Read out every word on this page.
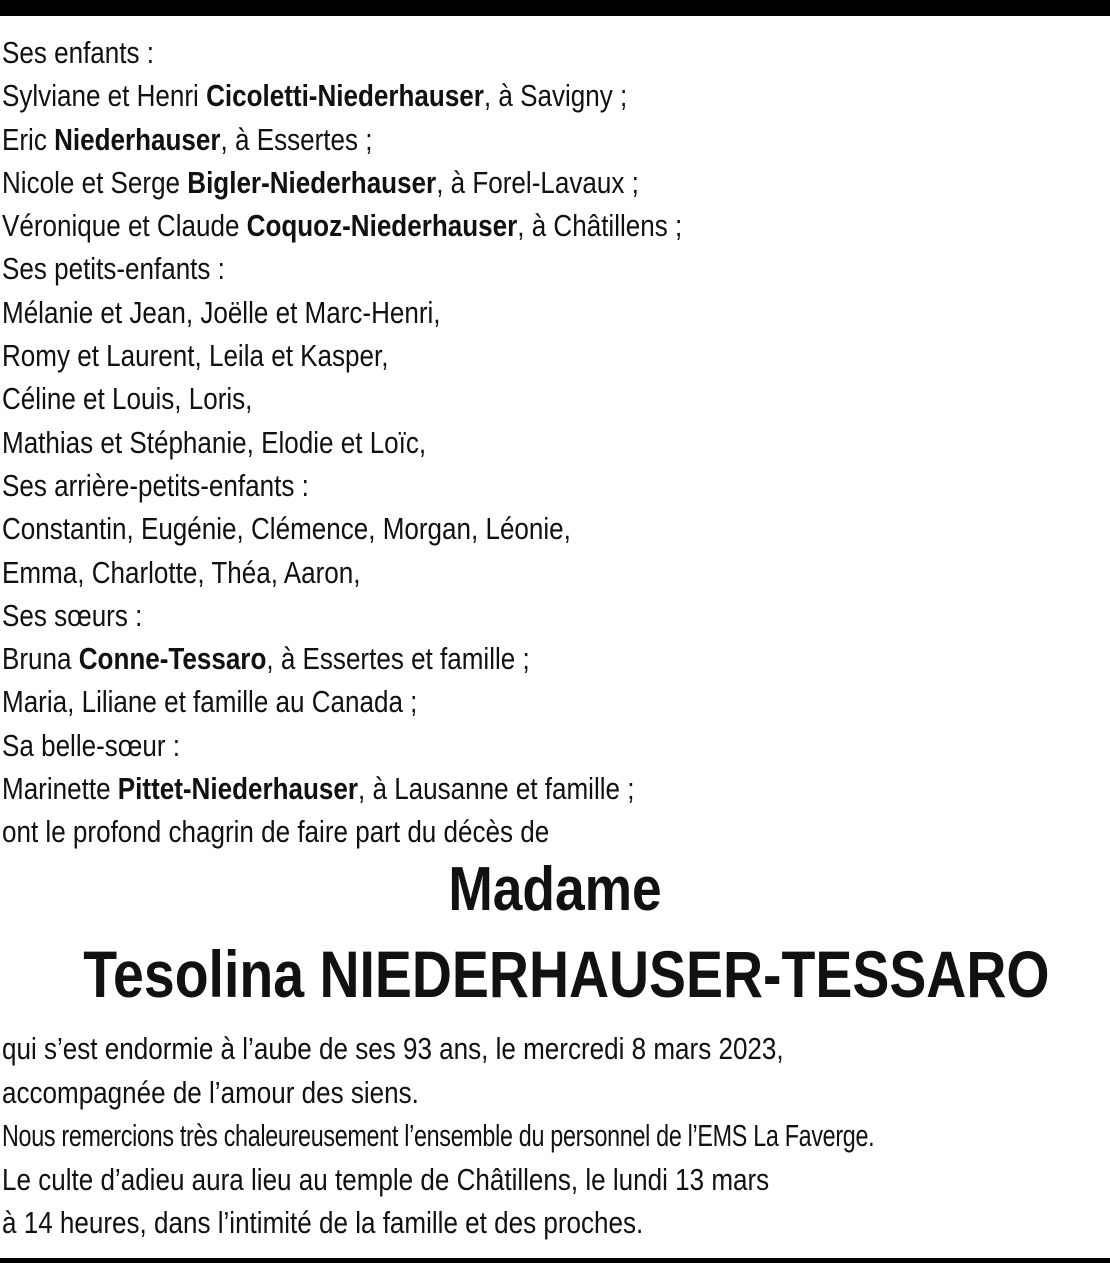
Ses enfants :
Sylviane et Henri Cicoletti-Niederhauser, à Savigny ;
Eric Niederhauser, à Essertes ;
Nicole et Serge Bigler-Niederhauser, à Forel-Lavaux ;
Véronique et Claude Coquoz-Niederhauser, à Châtillens ;
Ses petits-enfants :
Mélanie et Jean, Joëlle et Marc-Henri,
Romy et Laurent, Leila et Kasper,
Céline et Louis, Loris,
Mathias et Stéphanie, Elodie et Loïc,
Ses arrière-petits-enfants :
Constantin, Eugénie, Clémence, Morgan, Léonie,
Emma, Charlotte, Théa, Aaron,
Ses sœurs :
Bruna Conne-Tessaro, à Essertes et famille ;
Maria, Liliane et famille au Canada ;
Sa belle-sœur :
Marinette Pittet-Niederhauser, à Lausanne et famille ;
ont le profond chagrin de faire part du décès de
Madame
Tesolina NIEDERHAUSER-TESSARO
qui s’est endormie à l’aube de ses 93 ans, le mercredi 8 mars 2023,
accompagnée de l’amour des siens.
Nous remercions très chaleureusement l’ensemble du personnel de l’EMS La Faverge.
Le culte d’adieu aura lieu au temple de Châtillens, le lundi 13 mars
à 14 heures, dans l’intimité de la famille et des proches.
